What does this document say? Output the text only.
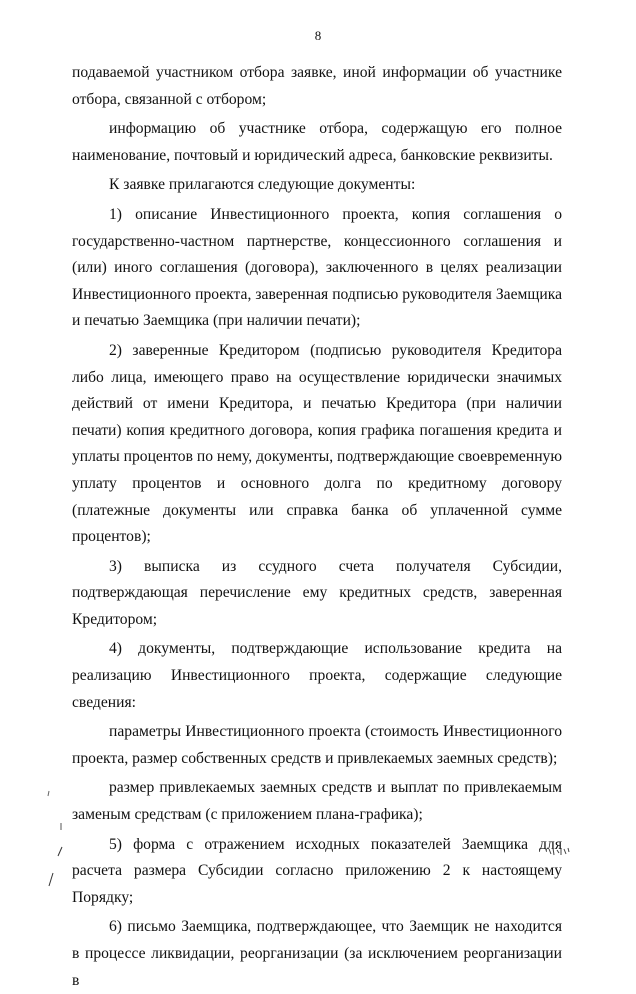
8

подаваемой участником отбора заявке, иной информации об участнике отбора, связанной с отбором;

информацию об участнике отбора, содержащую его полное наименование, почтовый и юридический адреса, банковские реквизиты.

К заявке прилагаются следующие документы:

1) описание Инвестиционного проекта, копия соглашения о государственно-частном партнерстве, концессионного соглашения и (или) иного соглашения (договора), заключенного в целях реализации Инвестиционного проекта, заверенная подписью руководителя Заемщика и печатью Заемщика (при наличии печати);

2) заверенные Кредитором (подписью руководителя Кредитора либо лица, имеющего право на осуществление юридически значимых действий от имени Кредитора, и печатью Кредитора (при наличии печати) копия кредитного договора, копия графика погашения кредита и уплаты процентов по нему, документы, подтверждающие своевременную уплату процентов и основного долга по кредитному договору (платежные документы или справка банка об уплаченной сумме процентов);

3) выписка из ссудного счета получателя Субсидии, подтверждающая перечисление ему кредитных средств, заверенная Кредитором;

4) документы, подтверждающие использование кредита на реализацию Инвестиционного проекта, содержащие следующие сведения:

параметры Инвестиционного проекта (стоимость Инвестиционного проекта, размер собственных средств и привлекаемых заемных средств);

размер привлекаемых заемных средств и выплат по привлекаемым заменым средствам (с приложением плана-графика);

5) форма с отражением исходных показателей Заемщика для расчета размера Субсидии согласно приложению 2 к настоящему Порядку;

6) письмо Заемщика, подтверждающее, что Заемщик не находится в процессе ликвидации, реорганизации (за исключением реорганизации в
